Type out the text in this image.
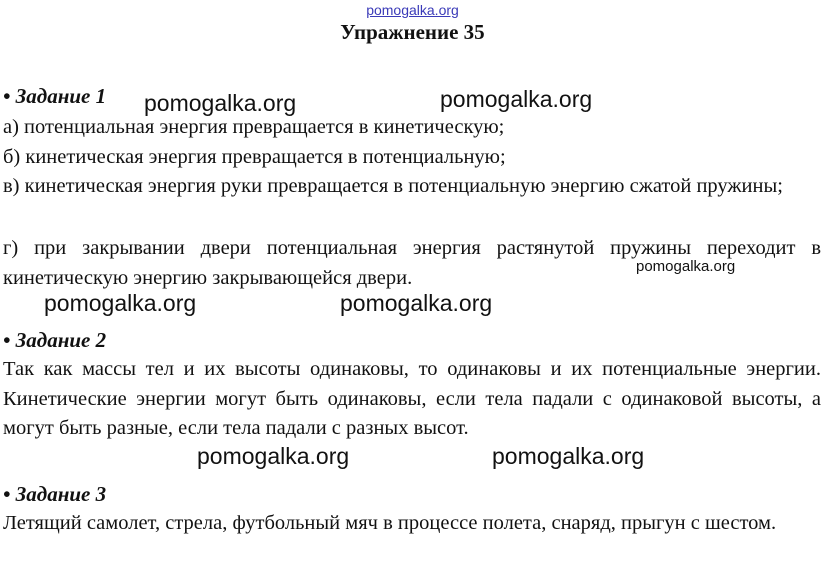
pomogalka.org
Упражнение 35
• Задание 1
а) потенциальная энергия превращается в кинетическую;
б) кинетическая энергия превращается в потенциальную;
в) кинетическая энергия руки превращается в потенциальную энергию сжатой пружины;
г) при закрывании двери потенциальная энергия растянутой пружины переходит в кинетическую энергию закрывающейся двери.
• Задание 2
Так как массы тел и их высоты одинаковы, то одинаковы и их потенциальные энергии. Кинетические энергии могут быть одинаковы, если тела падали с одинаковой высоты, а могут быть разные, если тела падали с разных высот.
• Задание 3
Летящий самолет, стрела, футбольный мяч в процессе полета, снаряд, прыгун с шестом.
pomogalka.org	pomogalka.org
pomogalka.org
pomogalka.org	pomogalka.org
pomogalka.org	pomogalka.org
